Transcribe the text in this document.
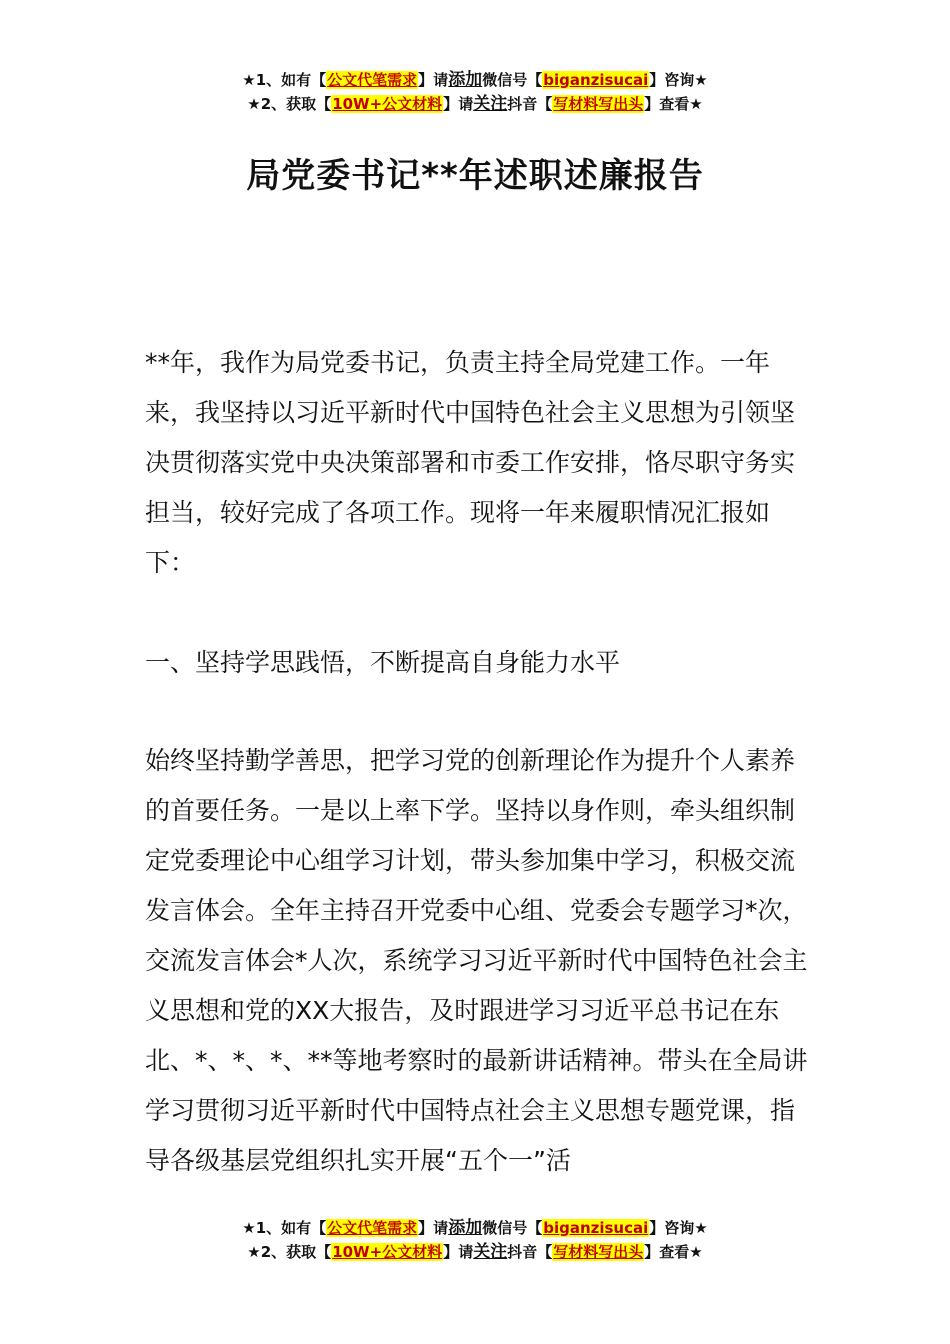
★1、如有【公文代笔需求】请添加微信号【biganzisucai】咨询★
★2、获取【10W+公文材料】请关注抖音【写材料写出头】查看★
局党委书记**年述职述廉报告

**年，我作为局党委书记，负责主持全局党建工作。一年来，我坚持以习近平新时代中国特色社会主义思想为引领坚决贯彻落实党中央决策部署和市委工作安排，恪尽职守务实担当，较好完成了各项工作。现将一年来履职情况汇报如下：

一、坚持学思践悟，不断提高自身能力水平

始终坚持勤学善思，把学习党的创新理论作为提升个人素养的首要任务。一是以上率下学。坚持以身作则，牵头组织制定党委理论中心组学习计划，带头参加集中学习，积极交流发言体会。全年主持召开党委中心组、党委会专题学习*次，交流发言体会*人次，系统学习习近平新时代中国特色社会主义思想和党的XX大报告，及时跟进学习习近平总书记在东北、*、*、*、**等地考察时的最新讲话精神。带头在全局讲学习贯彻习近平新时代中国特点社会主义思想专题党课，指导各级基层党组织扎实开展“五个一”活

★1、如有【公文代笔需求】请添加微信号【biganzisucai】咨询★
★2、获取【10W+公文材料】请关注抖音【写材料写出头】查看★
